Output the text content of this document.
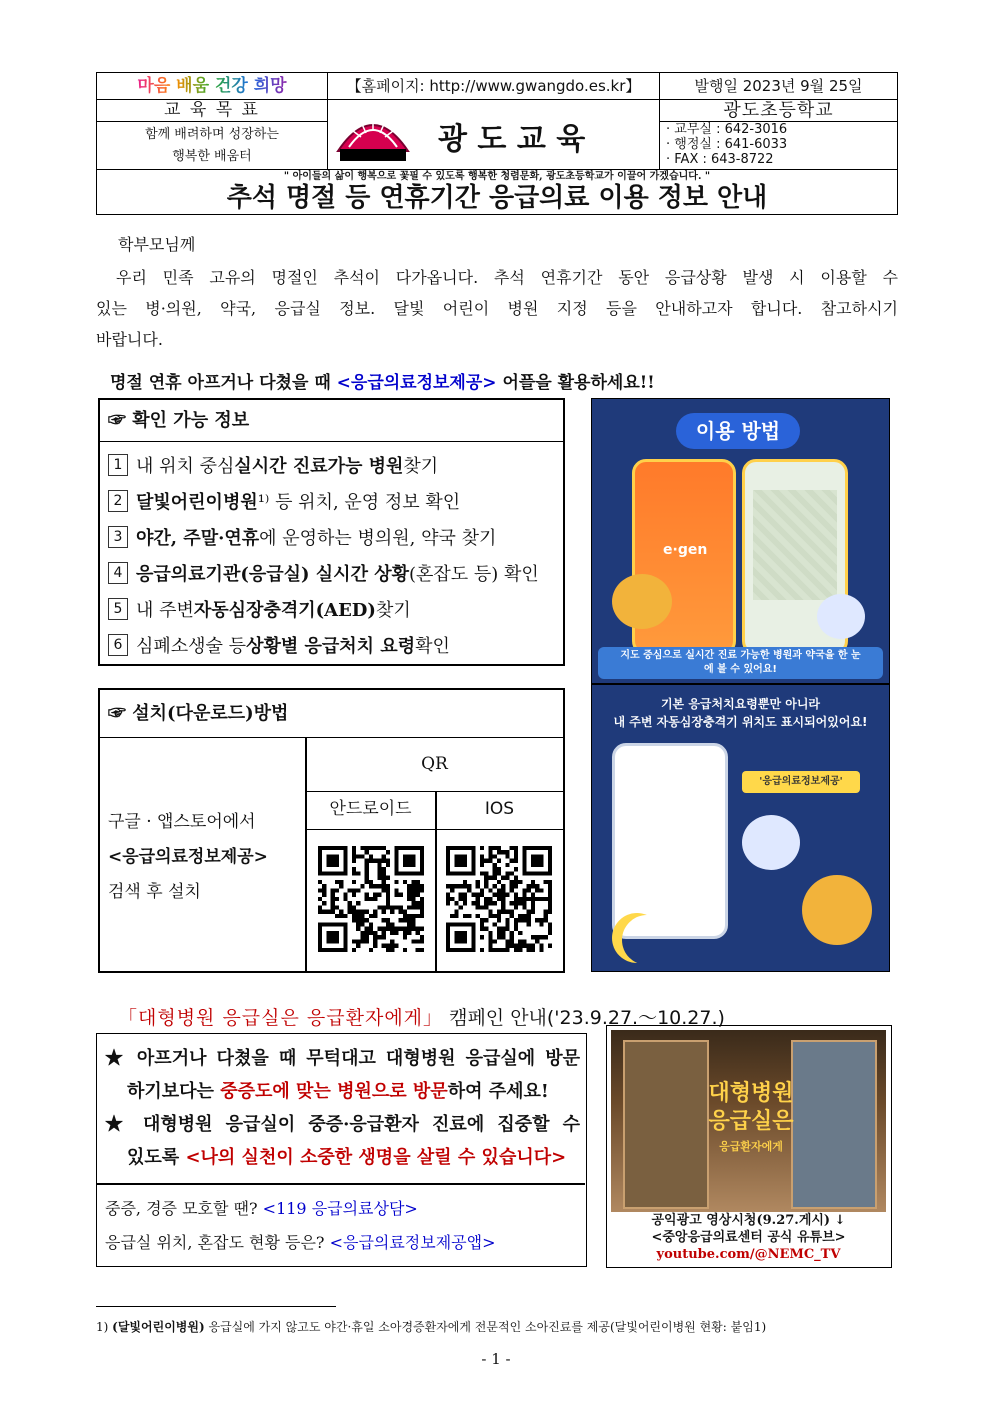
마음 배움 건강 희망	【홈페이지: http://www.gwangdo.es.kr】	발행일 2023년 9월 25일
교 육 목 표
함께 배려하며 성장하는
행복한 배움터	광 도 교 육
광도초등학교
· 교무실 : 642-3016
· 행정실 : 641-6033
· FAX : 643-8722
" 아이들의 삶이 행복으로 꽃필 수 있도록 행복한 청렴문화, 광도초등학교가 이끌어 가겠습니다. "
추석 명절 등 연휴기간 응급의료 이용 정보 안내
학부모님께
우리 민족 고유의 명절인 추석이 다가옵니다. 추석 연휴기간 동안 응급상황 발생 시 이용할 수
있는 병·의원, 약국, 응급실 정보. 달빛 어린이 병원 지정 등을 안내하고자 합니다. 참고하시기
바랍니다.
명절 연휴 아프거나 다쳤을 때 <응급의료정보제공> 어플을 활용하세요!!
☞ 확인 가능 정보
1 내 위치 중심 실시간 진료가능 병원 찾기
2 달빛어린이병원 ¹⁾ 등 위치, 운영 정보 확인
3 야간, 주말·연휴 에 운영하는 병의원, 약국 찾기
4 응급의료기관(응급실) 실시간 상황 (혼잡도 등) 확인
5 내 주변 자동심장충격기(AED) 찾기
6 심폐소생술 등 상황별 응급처치 요령 확인
이용 방법
e·gen
지도 중심으로 실시간 진료 가능한 병원과 약국을 한 눈에 볼 수 있어요!
기본 응급처치요령뿐만 아니라
내 주변 자동심장충격기 위치도 표시되어있어요!
'응급의료정보제공'
☞ 설치(다운로드)방법
QR
안드로이드	IOS
구글 · 앱스토어에서
<응급의료정보제공>
검색 후 설치
「대형병원 응급실은 응급환자에게」 캠페인 안내('23.9.27.～10.27.)
★ 아프거나 다쳤을 때 무턱대고 대형병원 응급실에 방문
하기보다는 중증도에 맞는 병원으로 방문하여 주세요!
★ 대형병원 응급실이 중증·응급환자 진료에 집중할 수
있도록 <나의 실천이 소중한 생명을 살릴 수 있습니다>
중증, 경증 모호할 땐? <119 응급의료상담>
응급실 위치, 혼잡도 현황 등은? <응급의료정보제공앱>
대형병원
응급실은
응급환자에게
공익광고 영상시청(9.27.게시) ↓
<중앙응급의료센터 공식 유튜브>
youtube.com/@NEMC_TV
1) (달빛어린이병원) 응급실에 가지 않고도 야간·휴일 소아경증환자에게 전문적인 소아진료를 제공(달빛어린이병원 현황: 붙임1)
- 1 -
